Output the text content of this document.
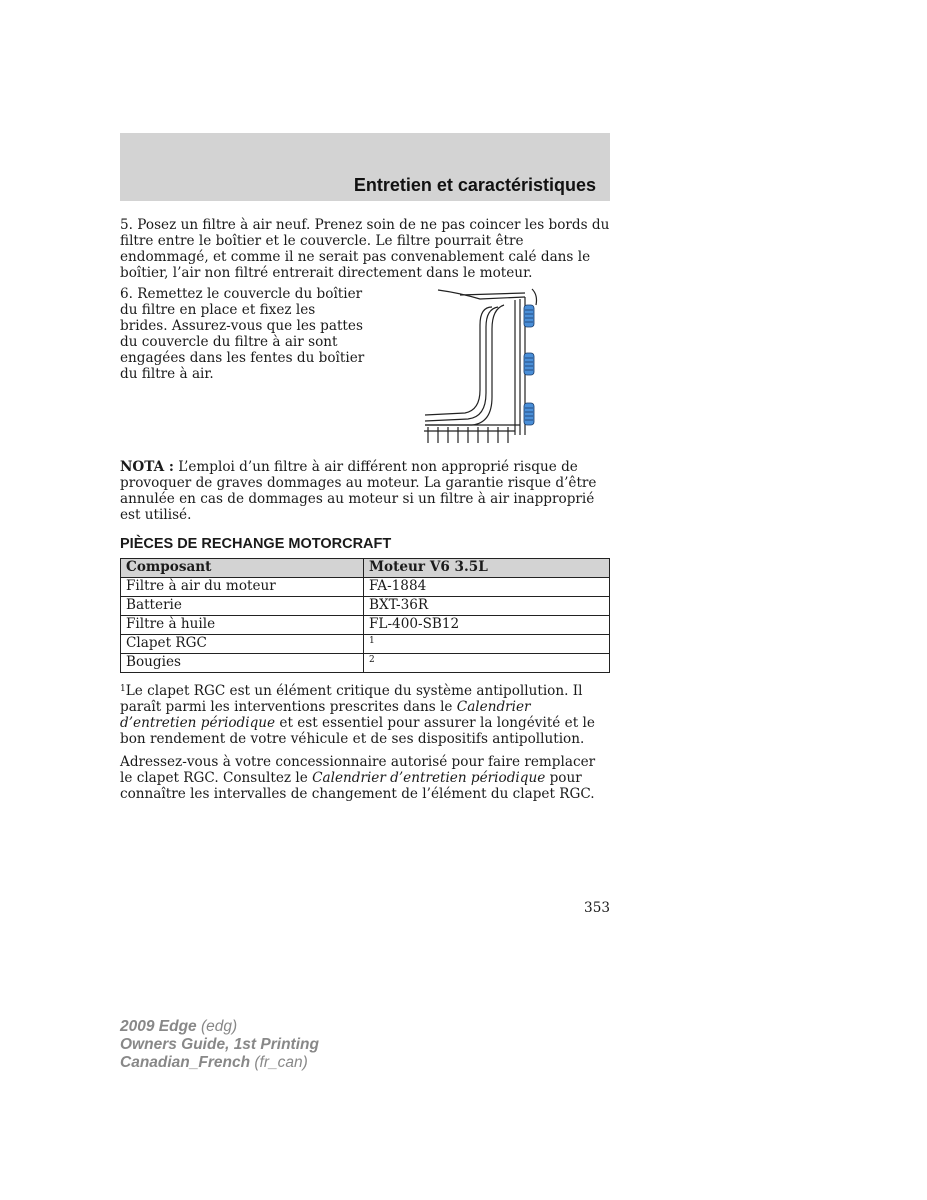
Entretien et caractéristiques

5. Posez un filtre à air neuf. Prenez soin de ne pas coincer les bords du filtre entre le boîtier et le couvercle. Le filtre pourrait être endommagé, et comme il ne serait pas convenablement calé dans le boîtier, l’air non filtré entrerait directement dans le moteur.

6. Remettez le couvercle du boîtier du filtre en place et fixez les brides. Assurez-vous que les pattes du couvercle du filtre à air sont engagées dans les fentes du boîtier du filtre à air.

NOTA : L’emploi d’un filtre à air différent non approprié risque de provoquer de graves dommages au moteur. La garantie risque d’être annulée en cas de dommages au moteur si un filtre à air inapproprié est utilisé.

PIÈCES DE RECHANGE MOTORCRAFT
Composant	Moteur V6 3.5L
Filtre à air du moteur	FA-1884
Batterie	BXT-36R
Filtre à huile	FL-400-SB12
Clapet RGC	$^1$
Bougies	$^2$

$^1$Le clapet RGC est un élément critique du système antipollution. Il paraît parmi les interventions prescrites dans le Calendrier d’entretien périodique et est essentiel pour assurer la longévité et le bon rendement de votre véhicule et de ses dispositifs antipollution.

Adressez-vous à votre concessionnaire autorisé pour faire remplacer le clapet RGC. Consultez le Calendrier d’entretien périodique pour connaître les intervalles de changement de l’élément du clapet RGC.

353

2009 Edge (edg)
Owners Guide, 1st Printing
Canadian_French (fr_can)
